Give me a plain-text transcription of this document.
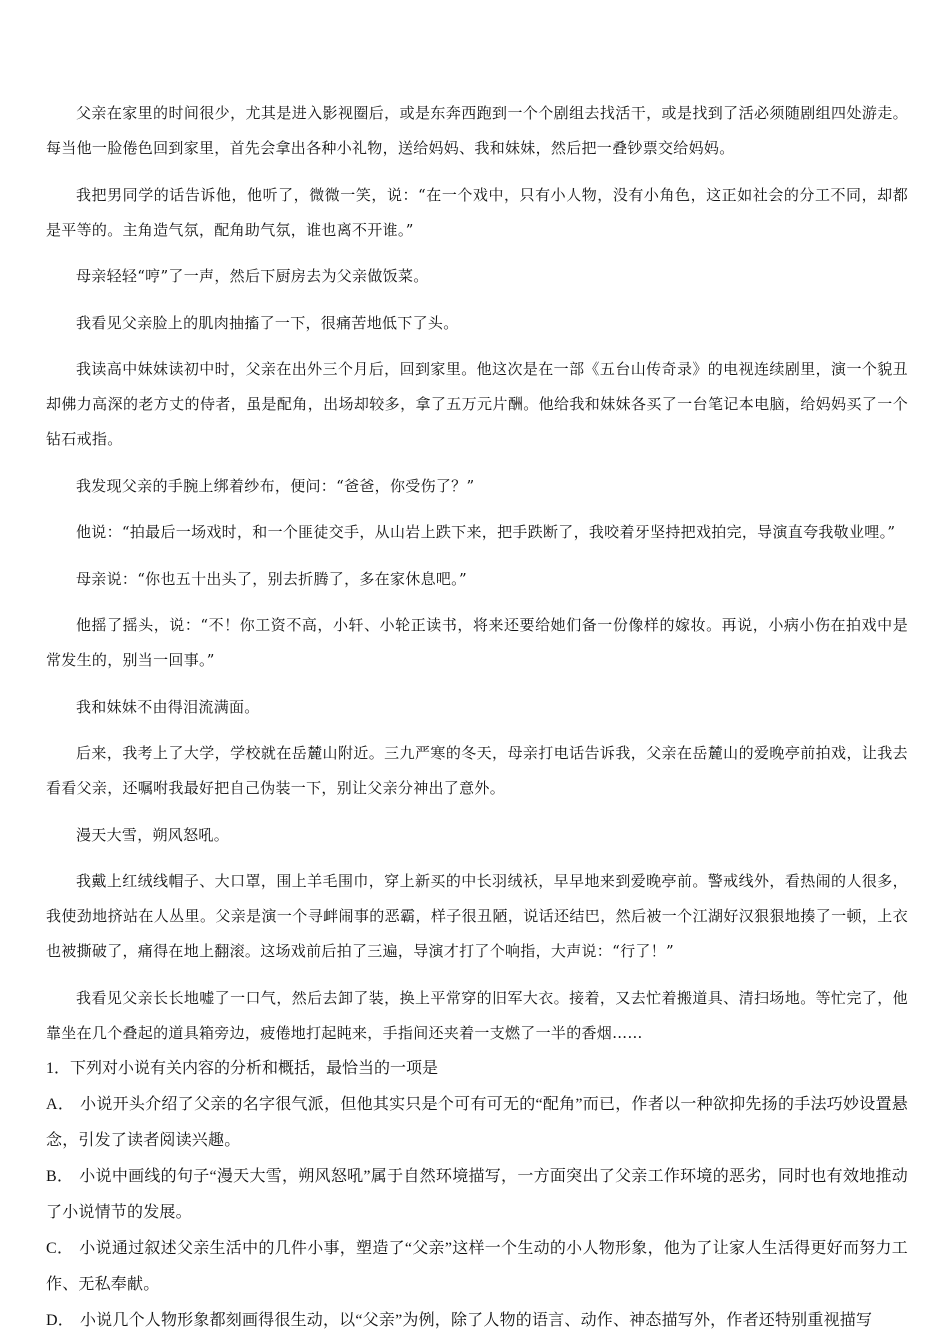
父亲在家里的时间很少，尤其是进入影视圈后，或是东奔西跑到一个个剧组去找活干，或是找到了活必须随剧组四处游走。每当他一脸倦色回到家里，首先会拿出各种小礼物，送给妈妈、我和妹妹，然后把一叠钞票交给妈妈。

我把男同学的话告诉他，他听了，微微一笑，说：“在一个戏中，只有小人物，没有小角色，这正如社会的分工不同，却都是平等的。主角造气氛，配角助气氛，谁也离不开谁。”

母亲轻轻“哼”了一声，然后下厨房去为父亲做饭菜。

我看见父亲脸上的肌肉抽搐了一下，很痛苦地低下了头。

我读高中妹妹读初中时，父亲在出外三个月后，回到家里。他这次是在一部《五台山传奇录》的电视连续剧里，演一个貌丑却佛力高深的老方丈的侍者，虽是配角，出场却较多，拿了五万元片酬。他给我和妹妹各买了一台笔记本电脑，给妈妈买了一个钻石戒指。

我发现父亲的手腕上绑着纱布，便问：“爸爸，你受伤了？”

他说：“拍最后一场戏时，和一个匪徒交手，从山岩上跌下来，把手跌断了，我咬着牙坚持把戏拍完，导演直夸我敬业哩。”

母亲说：“你也五十出头了，别去折腾了，多在家休息吧。”

他摇了摇头，说：“不！你工资不高，小轩、小轮正读书，将来还要给她们备一份像样的嫁妆。再说，小病小伤在拍戏中是常发生的，别当一回事。”

我和妹妹不由得泪流满面。

后来，我考上了大学，学校就在岳麓山附近。三九严寒的冬天，母亲打电话告诉我，父亲在岳麓山的爱晚亭前拍戏，让我去看看父亲，还嘱咐我最好把自己伪装一下，别让父亲分神出了意外。

漫天大雪，朔风怒吼。

我戴上红绒线帽子、大口罩，围上羊毛围巾，穿上新买的中长羽绒袄，早早地来到爱晚亭前。警戒线外，看热闹的人很多，我使劲地挤站在人丛里。父亲是演一个寻衅闹事的恶霸，样子很丑陋，说话还结巴，然后被一个江湖好汉狠狠地揍了一顿，上衣也被撕破了，痛得在地上翻滚。这场戏前后拍了三遍，导演才打了个响指，大声说：“行了！”

我看见父亲长长地嘘了一口气，然后去卸了装，换上平常穿的旧军大衣。接着，又去忙着搬道具、清扫场地。等忙完了，他靠坐在几个叠起的道具箱旁边，疲倦地打起盹来，手指间还夹着一支燃了一半的香烟……

1．下列对小说有关内容的分析和概括，最恰当的一项是

A． 小说开头介绍了父亲的名字很气派，但他其实只是个可有可无的“配角”而已，作者以一种欲抑先扬的手法巧妙设置悬念，引发了读者阅读兴趣。

B． 小说中画线的句子“漫天大雪，朔风怒吼”属于自然环境描写，一方面突出了父亲工作环境的恶劣，同时也有效地推动了小说情节的发展。

C． 小说通过叙述父亲生活中的几件小事，塑造了“父亲”这样一个生动的小人物形象，他为了让家人生活得更好而努力工作、无私奉献。

D． 小说几个人物形象都刻画得很生动，以“父亲”为例，除了人物的语言、动作、神态描写外，作者还特别重视描写
